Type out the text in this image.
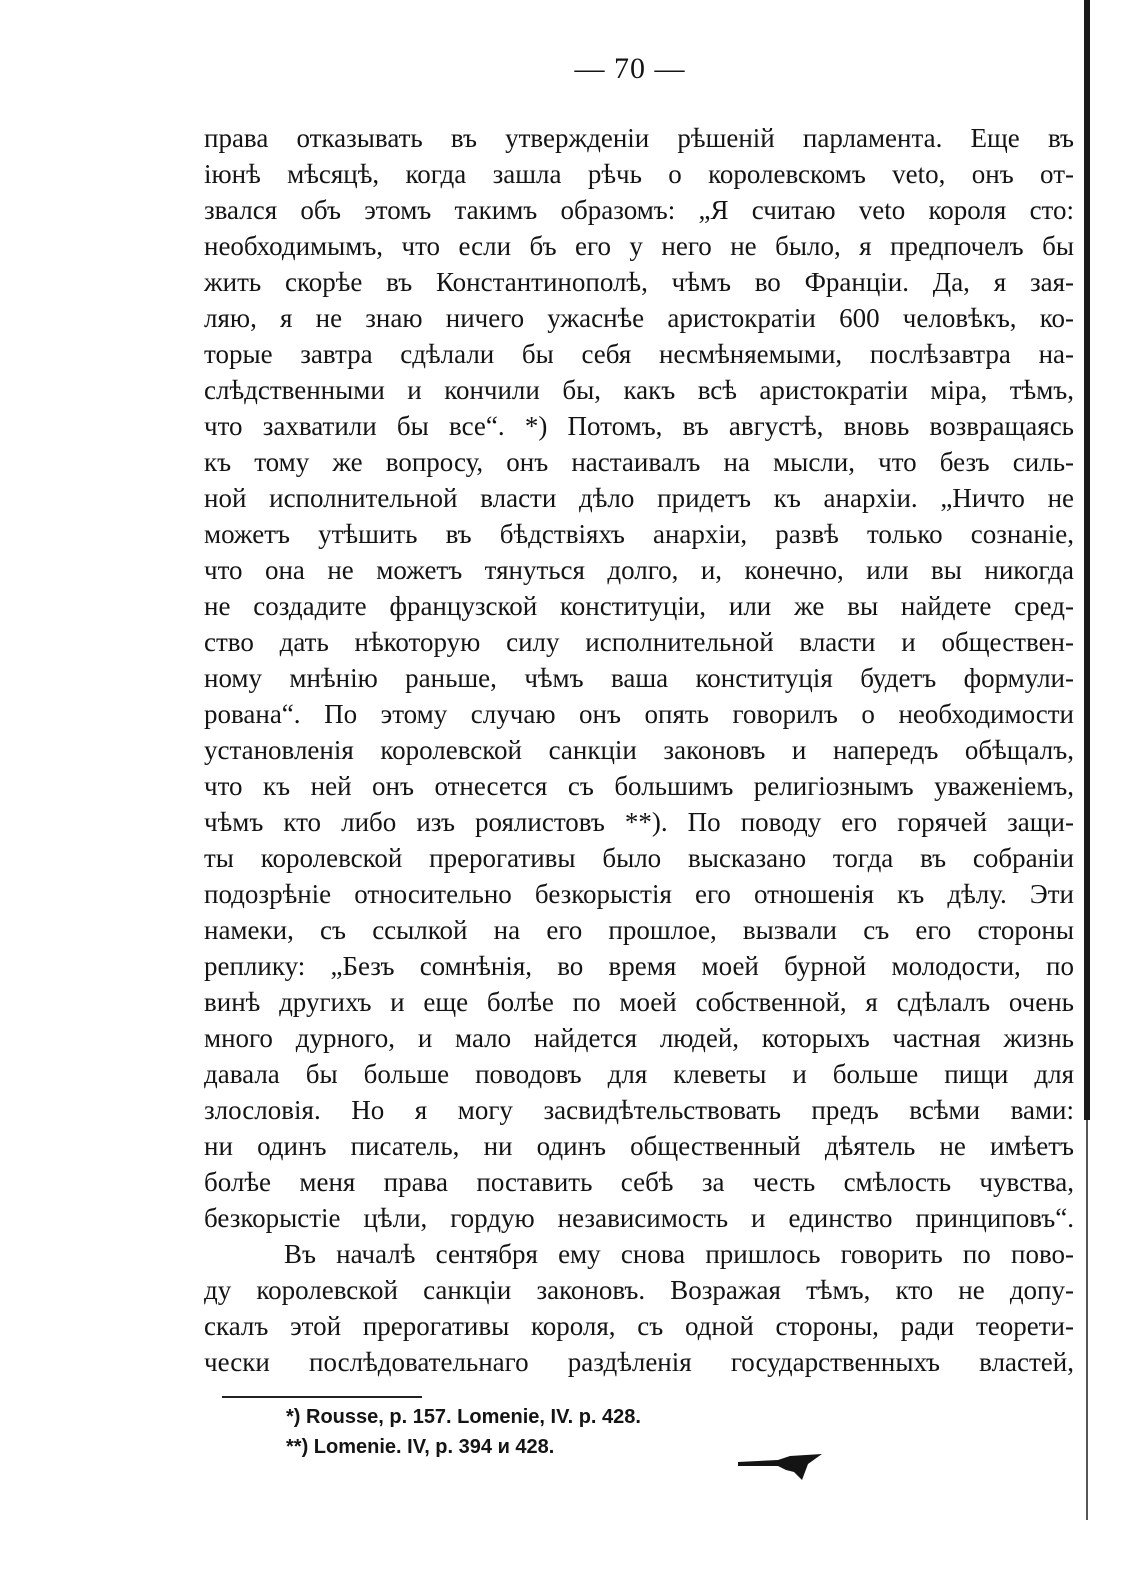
— 70 —
права отказывать въ утвержденіи рѣшеній парламента. Еще въ
іюнѣ мѣсяцѣ, когда зашла рѣчь о королевскомъ veto, онъ от-
звался объ этомъ такимъ образомъ: „Я считаю veto короля сто:
необходимымъ, что если бъ его у него не было, я предпочелъ бы
жить скорѣе въ Константинополѣ, чѣмъ во Франціи. Да, я зая-
ляю, я не знаю ничего ужаснѣе аристократіи 600 человѣкъ, ко-
торые завтра сдѣлали бы себя несмѣняемыми, послѣзавтра на-
слѣдственными и кончили бы, какъ всѣ аристократіи міра, тѣмъ,
что захватили бы все“. *) Потомъ, въ августѣ, вновь возвращаясь
къ тому же вопросу, онъ настаивалъ на мысли, что безъ силь-
ной исполнительной власти дѣло придетъ къ анархіи. „Ничто не
можетъ утѣшить въ бѣдствіяхъ анархіи, развѣ только сознаніе,
что она не можетъ тянуться долго, и, конечно, или вы никогда
не создадите французской конституціи, или же вы найдете сред-
ство дать нѣкоторую силу исполнительной власти и обществен-
ному мнѣнію раньше, чѣмъ ваша конституція будетъ формули-
рована“. По этому случаю онъ опять говорилъ о необходимости
установленія королевской санкціи законовъ и напередъ обѣщалъ,
что къ ней онъ отнесется съ большимъ религіознымъ уваженіемъ,
чѣмъ кто либо изъ роялистовъ **). По поводу его горячей защи-
ты королевской прерогативы было высказано тогда въ собраніи
подозрѣніе относительно безкорыстія его отношенія къ дѣлу. Эти
намеки, съ ссылкой на его прошлое, вызвали съ его стороны
реплику: „Безъ сомнѣнія, во время моей бурной молодости, по
винѣ другихъ и еще болѣе по моей собственной, я сдѣлалъ очень
много дурного, и мало найдется людей, которыхъ частная жизнь
давала бы больше поводовъ для клеветы и больше пищи для
злословія. Но я могу засвидѣтельствовать предъ всѣми вами:
ни одинъ писатель, ни одинъ общественный дѣятель не имѣетъ
болѣе меня права поставить себѣ за честь смѣлость чувства,
безкорыстіе цѣли, гордую независимость и единство принциповъ“.
Въ началѣ сентября ему снова пришлось говорить по пово-
ду королевской санкціи законовъ. Возражая тѣмъ, кто не допу-
скалъ этой прерогативы короля, съ одной стороны, ради теорети-
чески послѣдовательнаго раздѣленія государственныхъ властей,
*) Rousse, p. 157. Lomenie, IV. p. 428.
**) Lomenie. IV, p. 394 и 428.
